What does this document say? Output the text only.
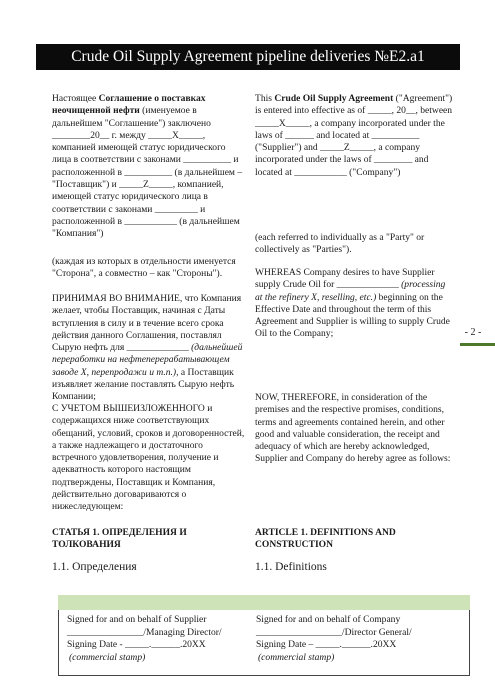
Crude Oil Supply Agreement pipeline deliveries №E2.a1
- 2 -

Настоящее Соглашение о поставках неочищенной нефти (именуемое в дальнейшем "Соглашение") заключено ________20__ г. между _____Х_____, компанией имеющей статус юридического лица в соответствии с законами __________ и расположенной в __________ (в дальнейшем – "Поставщик") и _____Z_____, компанией, имеющей статус юридического лица в соответствии с законами _________ и расположенной в ___________ (в дальнейшем "Компания")

(каждая из которых в отдельности именуется "Сторона", а совместно – как "Стороны").

ПРИНИМАЯ ВО ВНИМАНИЕ, что Компания желает, чтобы Поставщик, начиная с Даты вступления в силу и в течение всего срока действия данного Соглашения, поставлял Сырую нефть для _____________ (дальнейшей переработки на нефтеперерабатывающем заводе Х, перепродажи и т.п.), а Поставщик изъявляет желание поставлять Сырую нефть Компании;

С УЧЕТОМ ВЫШЕИЗЛОЖЕННОГО и содержащихся ниже соответствующих обещаний, условий, сроков и договоренностей, а также надлежащего и достаточного встречного удовлетворения, получение и адекватность которого настоящим подтверждены, Поставщик и Компания, действительно договариваются о нижеследующем:

СТАТЬЯ 1. ОПРЕДЕЛЕНИЯ И ТОЛКОВАНИЯ
1.1. Определения

This Crude Oil Supply Agreement ("Agreement") is entered into effective as of _____, 20__, between _____X_____, a company incorporated under the laws of ______ and located at __________ ("Supplier") and _____Z_____, a company incorporated under the laws of ________ and located at ___________ ("Company")

(each referred to individually as a "Party" or collectively as "Parties").

WHEREAS Company desires to have Supplier supply Crude Oil for _____________ (processing at the refinery X, reselling, etc.) beginning on the Effective Date and throughout the term of this Agreement and Supplier is willing to supply Crude Oil to the Company;

NOW, THEREFORE, in consideration of the premises and the respective promises, conditions, terms and agreements contained herein, and other good and valuable consideration, the receipt and adequacy of which are hereby acknowledged, Supplier and Company do hereby agree as follows:

ARTICLE 1. DEFINITIONS AND CONSTRUCTION
1.1. Definitions
Signed for and on behalf of Supplier
________________/Managing Director/
Signing Date - _____.______.20XX
(commercial stamp)
Signed for and on behalf of Company
__________________/Director General/
Signing Date – _____.______.20XX
(commercial stamp)
